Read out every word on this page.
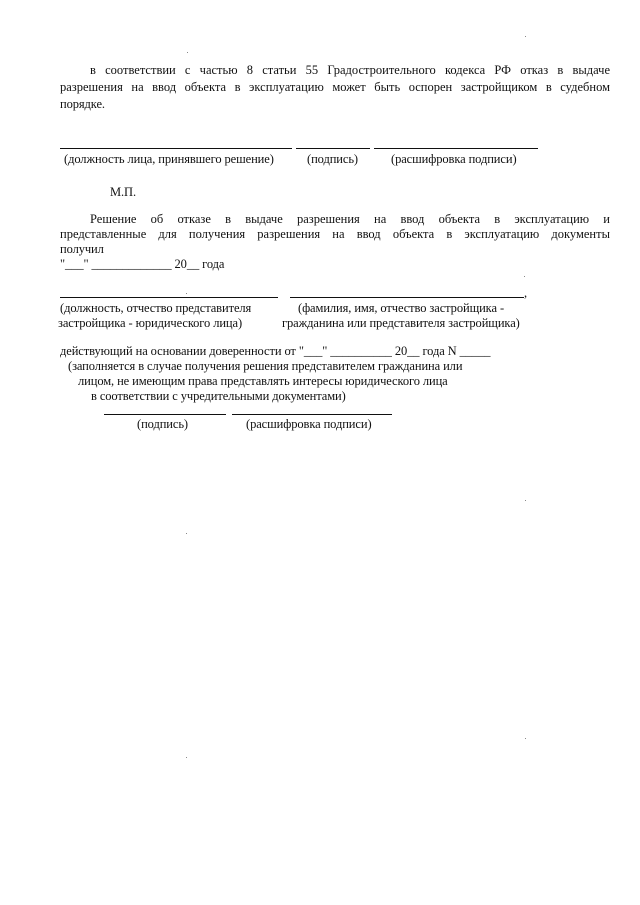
в соответствии с частью 8 статьи 55 Градостроительного кодекса РФ отказ в выдаче
разрешения на ввод объекта в эксплуатацию может быть оспорен застройщиком в судебном
порядке.
(должность лица, принявшего решение)	(подпись)	(расшифровка подписи)
М.П.
Решение об отказе в выдаче разрешения на ввод объекта в эксплуатацию и
представленные для получения разрешения на ввод объекта в эксплуатацию документы
получил
"___" _____________ 20__ года
,
(должность, отчество представителя
застройщика - юридического лица)
(фамилия, имя, отчество застройщика -
гражданина или представителя застройщика)
действующий на основании доверенности от "___" __________ 20__ года N _____
(заполняется в случае получения решения представителем гражданина или
лицом, не имеющим права представлять интересы юридического лица
в соответствии с учредительными документами)
(подпись)	(расшифровка подписи)
